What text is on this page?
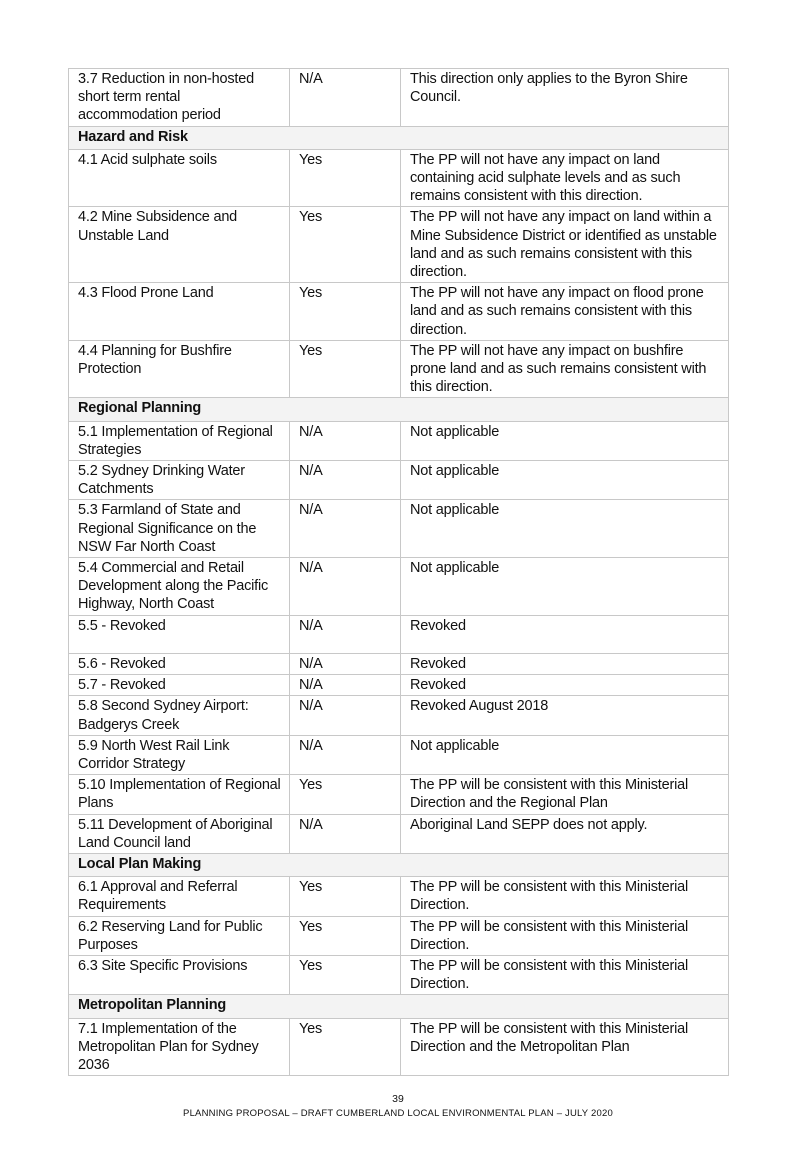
3.7 Reduction in non-hosted short term rental accommodation period	N/A	This direction only applies to the Byron Shire Council.
Hazard and Risk		
4.1 Acid sulphate soils	Yes	The PP will not have any impact on land containing acid sulphate levels and as such remains consistent with this direction.
4.2 Mine Subsidence and Unstable Land	Yes	The PP will not have any impact on land within a Mine Subsidence District or identified as unstable land and as such remains consistent with this direction.
4.3 Flood Prone Land	Yes	The PP will not have any impact on flood prone land and as such remains consistent with this direction.
4.4 Planning for Bushfire Protection	Yes	The PP will not have any impact on bushfire prone land and as such remains consistent with this direction.
Regional Planning		
5.1 Implementation of Regional Strategies	N/A	Not applicable
5.2 Sydney Drinking Water Catchments	N/A	Not applicable
5.3 Farmland of State and Regional Significance on the NSW Far North Coast	N/A	Not applicable
5.4 Commercial and Retail Development along the Pacific Highway, North Coast	N/A	Not applicable
5.5 - Revoked	N/A	Revoked
5.6 - Revoked	N/A	Revoked
5.7 - Revoked	N/A	Revoked
5.8 Second Sydney Airport: Badgerys Creek	N/A	Revoked August 2018
5.9 North West Rail Link Corridor Strategy	N/A	Not applicable
5.10 Implementation of Regional Plans	Yes	The PP will be consistent with this Ministerial Direction and the Regional Plan
5.11 Development of Aboriginal Land Council land	N/A	Aboriginal Land SEPP does not apply.
Local Plan Making		
6.1 Approval and Referral Requirements	Yes	The PP will be consistent with this Ministerial Direction.
6.2 Reserving Land for Public Purposes	Yes	The PP will be consistent with this Ministerial Direction.
6.3 Site Specific Provisions	Yes	The PP will be consistent with this Ministerial Direction.
Metropolitan Planning		
7.1 Implementation of the Metropolitan Plan for Sydney 2036	Yes	The PP will be consistent with this Ministerial Direction and the Metropolitan Plan
39
PLANNING PROPOSAL – DRAFT CUMBERLAND LOCAL ENVIRONMENTAL PLAN – JULY 2020
